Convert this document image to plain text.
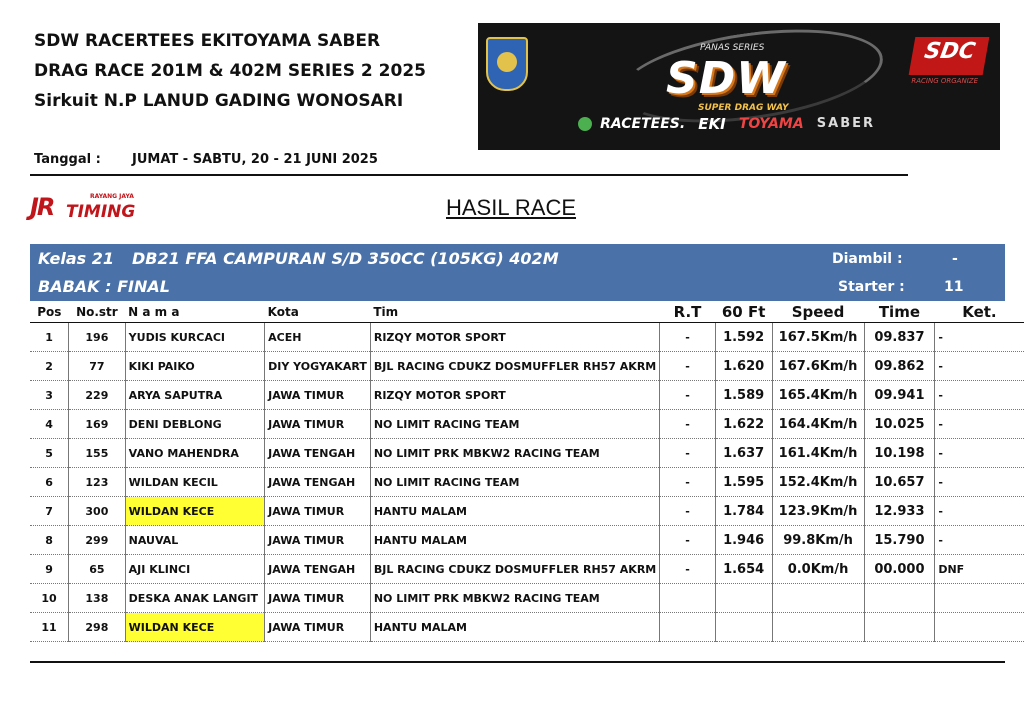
SDW RACERTEES EKITOYAMA SABER
DRAG RACE 201M & 402M SERIES 2 2025
Sirkuit N.P LANUD GADING WONOSARI
PANAS SERIES
SDW
SUPER DRAG WAY
SDC
RACING ORGANIZE
RACETEES. EKI TOYAMA SABER
Tanggal : JUMAT - SABTU, 20 - 21 JUNI 2025
JR	RAYANG JAYA
TIMING	HASIL RACE
Kelas 21 DB21 FFA CAMPURAN S/D 350CC (105KG) 402M
BABAK : FINAL
Diambil :	-
Starter :	11
Pos	No.str	N a m a	Kota	Tim	R.T	60 Ft	Speed	Time	Ket.
1	196	YUDIS KURCACI	ACEH	RIZQY MOTOR SPORT	-	1.592	167.5Km/h	09.837	-
2	77	KIKI PAIKO	DIY YOGYAKART	BJL RACING CDUKZ DOSMUFFLER RH57 AKRM	-	1.620	167.6Km/h	09.862	-
3	229	ARYA SAPUTRA	JAWA TIMUR	RIZQY MOTOR SPORT	-	1.589	165.4Km/h	09.941	-
4	169	DENI DEBLONG	JAWA TIMUR	NO LIMIT RACING TEAM	-	1.622	164.4Km/h	10.025	-
5	155	VANO MAHENDRA	JAWA TENGAH	NO LIMIT PRK MBKW2 RACING TEAM	-	1.637	161.4Km/h	10.198	-
6	123	WILDAN KECIL	JAWA TENGAH	NO LIMIT RACING TEAM	-	1.595	152.4Km/h	10.657	-
7	300	WILDAN KECE	JAWA TIMUR	HANTU MALAM	-	1.784	123.9Km/h	12.933	-
8	299	NAUVAL	JAWA TIMUR	HANTU MALAM	-	1.946	99.8Km/h	15.790	-
9	65	AJI KLINCI	JAWA TENGAH	BJL RACING CDUKZ DOSMUFFLER RH57 AKRM	-	1.654	0.0Km/h	00.000	DNF
10	138	DESKA ANAK LANGIT	JAWA TIMUR	NO LIMIT PRK MBKW2 RACING TEAM					
11	298	WILDAN KECE	JAWA TIMUR	HANTU MALAM					
